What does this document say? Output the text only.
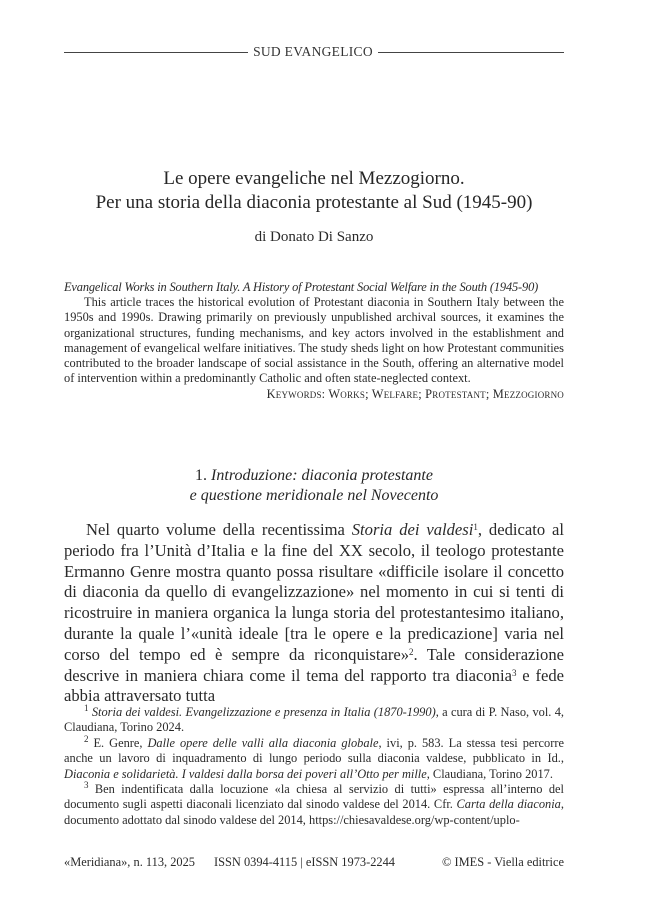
SUD EVANGELICO
Le opere evangeliche nel Mezzogiorno.
Per una storia della diaconia protestante al Sud (1945-90)
di Donato Di Sanzo
Evangelical Works in Southern Italy. A History of Protestant Social Welfare in the South (1945-90)

This article traces the historical evolution of Protestant diaconia in Southern Italy between the 1950s and 1990s. Drawing primarily on previously unpublished archival sources, it examines the organizational structures, funding mechanisms, and key actors involved in the establishment and management of evangelical welfare initiatives. The study sheds light on how Protestant communities contributed to the broader landscape of social assistance in the South, offering an alternative model of intervention within a predominantly Catholic and often state-neglected context.

Keywords: Works; Welfare; Protestant; Mezzogiorno
1. Introduzione: diaconia protestante
e questione meridionale nel Novecento

Nel quarto volume della recentissima Storia dei valdesi$^1$, dedicato al periodo fra l’Unità d’Italia e la fine del XX secolo, il teologo protestante Ermanno Genre mostra quanto possa risultare «difficile isolare il concetto di diaconia da quello di evangelizzazione» nel momento in cui si tenti di ricostruire in maniera organica la lunga storia del protestantesimo italiano, durante la quale l’«unità ideale [tra le opere e la predicazione] varia nel corso del tempo ed è sempre da riconquistare»$^2$. Tale considerazione descrive in maniera chiara come il tema del rapporto tra diaconia$^3$ e fede abbia attraversato tutta

$^1$ Storia dei valdesi. Evangelizzazione e presenza in Italia (1870-1990), a cura di P. Naso, vol. 4, Claudiana, Torino 2024.

$^2$ E. Genre, Dalle opere delle valli alla diaconia globale, ivi, p. 583. La stessa tesi percorre anche un lavoro di inquadramento di lungo periodo sulla diaconia valdese, pubblicato in Id., Diaconia e solidarietà. I valdesi dalla borsa dei poveri all’Otto per mille, Claudiana, Torino 2017.

$^3$ Ben indentificata dalla locuzione «la chiesa al servizio di tutti» espressa all’interno del documento sugli aspetti diaconali licenziato dal sinodo valdese del 2014. Cfr. Carta della diaconia, documento adottato dal sinodo valdese del 2014, https://chiesavaldese.org/wp-content/uplo-

«Meridiana», n. 113, 2025 ISSN 0394-4115 | eISSN 1973-2244	© IMES - Viella editrice
